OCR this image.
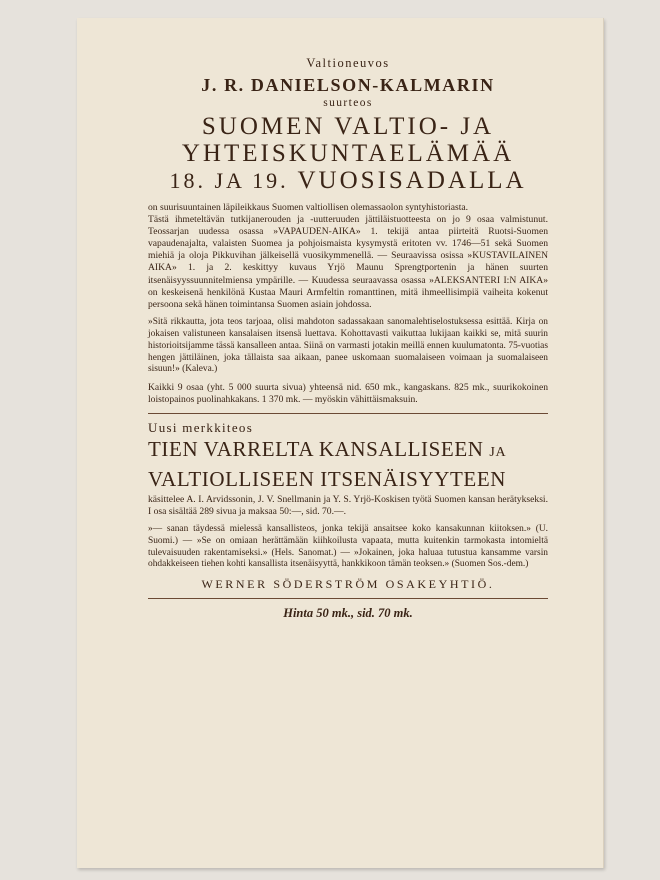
Valtioneuvos

J. R. DANIELSON-KALMARIN

suurteos

SUOMEN VALTIO- JA

YHTEISKUNTAELÄMÄÄ

18. JA 19. VUOSISADALLA

on suurisuuntainen läpileikkaus Suomen valtiollisen olemassaolon syntyhistoriasta.

Tästä ihmeteltävän tutkijanerouden ja -uutteruuden jättiläistuotteesta on jo 9 osaa valmistunut. Teossarjan uudessa osassa »VAPAUDEN-AIKA» 1. tekijä antaa piirteitä Ruotsi-Suomen vapaudenajalta, valaisten Suomea ja pohjoismaista kysymystä eritoten vv. 1746—51 sekä Suomen miehiä ja oloja Pikkuvihan jälkeisellä vuosikymmenellä. — Seuraavissa osissa »KUSTAVILAINEN AIKA» 1. ja 2. keskittyy kuvaus Yrjö Maunu Sprengtportenin ja hänen suurten itsenäisyyssuunnitelmiensa ympärille. — Kuudessa seuraavassa osassa »ALEKSANTERI I:N AIKA» on keskeisenä henkilönä Kustaa Mauri Armfeltin romanttinen, mitä ihmeellisimpiä vaiheita kokenut persoona sekä hänen toimintansa Suomen asiain johdossa.

»Sitä rikkautta, jota teos tarjoaa, olisi mahdoton sadassakaan sanomalehtiselostuksessa esittää. Kirja on jokaisen valistuneen kansalaisen itsensä luettava. Kohottavasti vaikuttaa lukijaan kaikki se, mitä suurin historioitsijamme tässä kansalleen antaa. Siinä on varmasti jotakin meillä ennen kuulumatonta. 75-vuotias hengen jättiläinen, joka tällaista saa aikaan, panee uskomaan suomalaiseen voimaan ja suomalaiseen sisuun!» (Kaleva.)

Kaikki 9 osaa (yht. 5 000 suurta sivua) yhteensä nid. 650 mk., kangaskans. 825 mk., suurikokoinen loistopainos puolinahkakans. 1 370 mk. — myöskin vähittäismaksuin.

Uusi merkkiteos

TIEN VARRELTA KANSALLISEEN JA

VALTIOLLISEEN ITSENÄISYYTEEN

käsittelee A. I. Arvidssonin, J. V. Snellmanin ja Y. S. Yrjö-Koskisen työtä Suomen kansan herätykseksi. I osa sisältää 289 sivua ja maksaa 50:—, sid. 70.—.

»— sanan täydessä mielessä kansallisteos, jonka tekijä ansaitsee koko kansakunnan kiitoksen.» (U. Suomi.) — »Se on omiaan herättämään kiihkoilusta vapaata, mutta kuitenkin tarmokasta intomieltä tulevaisuuden rakentamiseksi.» (Hels. Sanomat.) — »Jokainen, joka haluaa tutustua kansamme varsin ohdakkeiseen tiehen kohti kansallista itsenäisyyttä, hankkikoon tämän teoksen.» (Suomen Sos.-dem.)

WERNER SÖDERSTRÖM OSAKEYHTIÖ.

Hinta 50 mk., sid. 70 mk.
